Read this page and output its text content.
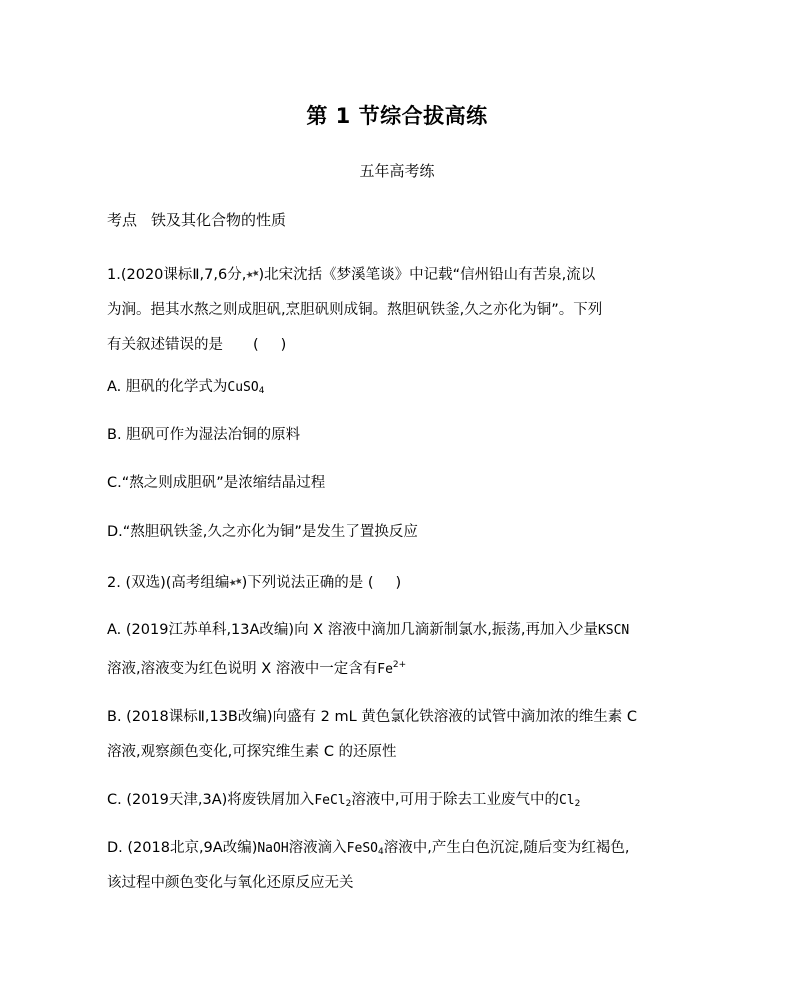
第 1 节综合拔高练
五年高考练
考点 铁及其化合物的性质
1.(2020课标Ⅱ,7,6分,★★)北宋沈括《梦溪笔谈》中记载“信州铅山有苦泉,流以
为涧。挹其水熬之则成胆矾,烹胆矾则成铜。熬胆矾铁釜,久之亦化为铜”。下列
有关叙述错误的是 ( )
A. 胆矾的化学式为CuSO$_4$
B. 胆矾可作为湿法冶铜的原料
C.“熬之则成胆矾”是浓缩结晶过程
D.“熬胆矾铁釜,久之亦化为铜”是发生了置换反应
2. (双选)(高考组编★★)下列说法正确的是 ( )
A. (2019江苏单科,13A改编)向 X 溶液中滴加几滴新制氯水,振荡,再加入少量KSCN
溶液,溶液变为红色说明 X 溶液中一定含有$Fe^{2+}$
B. (2018课标Ⅱ,13B改编)向盛有 2 mL 黄色氯化铁溶液的试管中滴加浓的维生素 C
溶液,观察颜色变化,可探究维生素 C 的还原性
C. (2019天津,3A)将废铁屑加入FeCl$_2$溶液中,可用于除去工业废气中的$Cl_2$
D. (2018北京,9A改编)NaOH溶液滴入FeSO$_4$溶液中,产生白色沉淀,随后变为红褐色,
该过程中颜色变化与氧化还原反应无关
